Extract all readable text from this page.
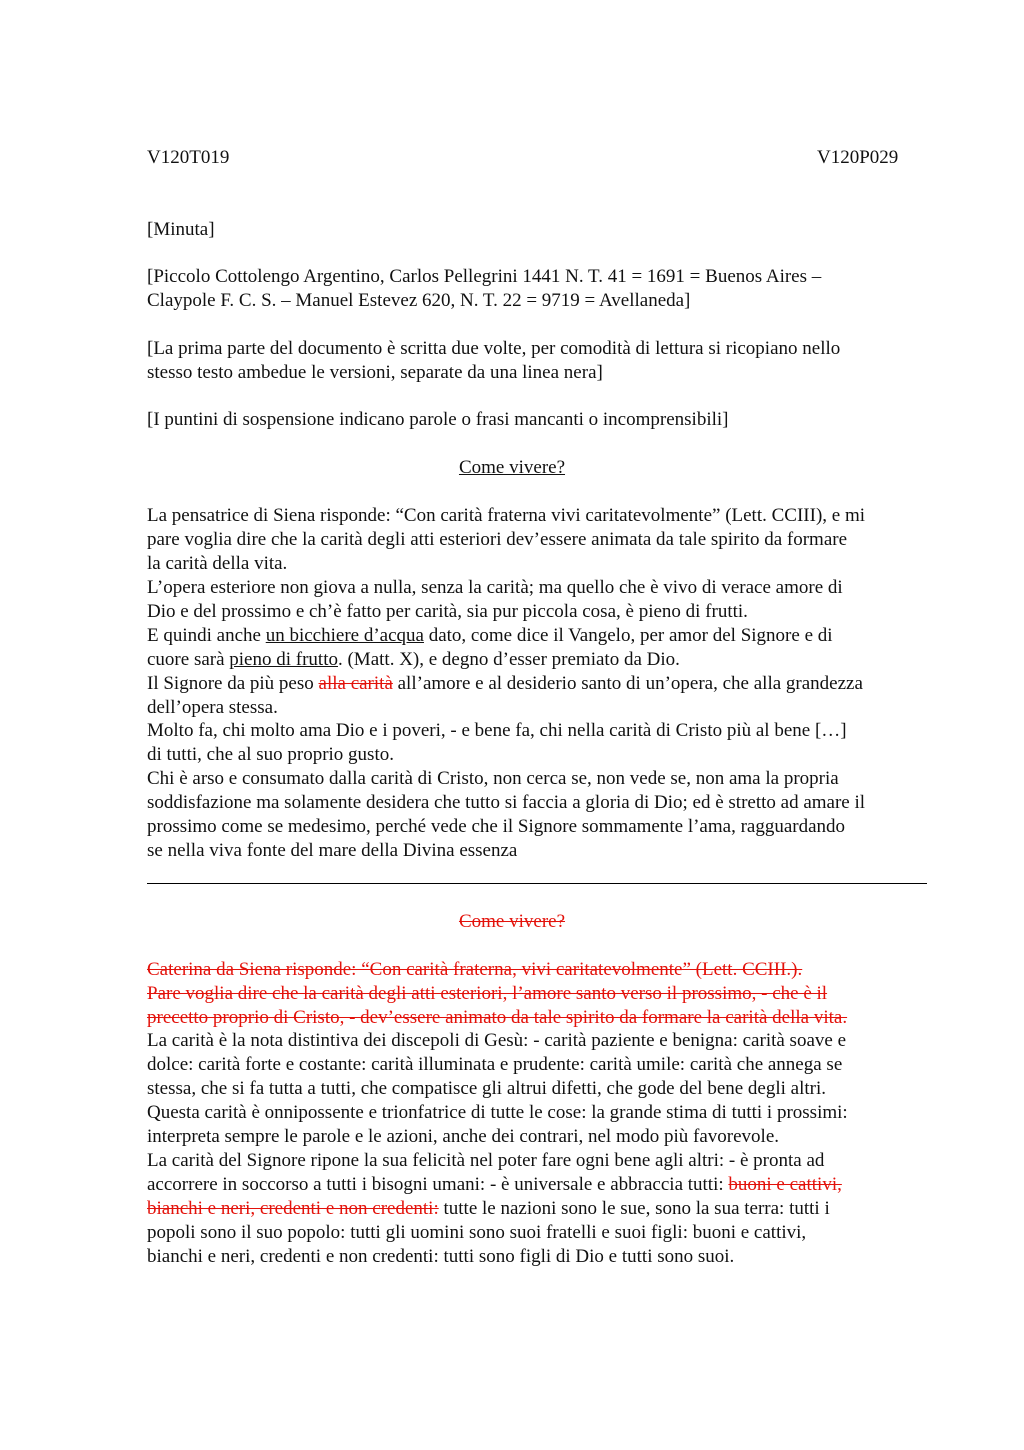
V120T019	V120P029

[Minuta]

[Piccolo Cottolengo Argentino, Carlos Pellegrini 1441 N. T. 41 = 1691 = Buenos Aires –

Claypole F. C. S. – Manuel Estevez 620, N. T. 22 = 9719 = Avellaneda]

[La prima parte del documento è scritta due volte, per comodità di lettura si ricopiano nello

stesso testo ambedue le versioni, separate da una linea nera]

[I puntini di sospensione indicano parole o frasi mancanti o incomprensibili]

Come vivere?

La pensatrice di Siena risponde: “Con carità fraterna vivi caritatevolmente” (Lett. CCIII), e mi

pare voglia dire che la carità degli atti esteriori dev’essere animata da tale spirito da formare

la carità della vita.

L’opera esteriore non giova a nulla, senza la carità; ma quello che è vivo di verace amore di

Dio e del prossimo e ch’è fatto per carità, sia pur piccola cosa, è pieno di frutti.

E quindi anche un bicchiere d’acqua dato, come dice il Vangelo, per amor del Signore e di

cuore sarà pieno di frutto. (Matt. X), e degno d’esser premiato da Dio.

Il Signore da più peso alla carità all’amore e al desiderio santo di un’opera, che alla grandezza

dell’opera stessa.

Molto fa, chi molto ama Dio e i poveri, - e bene fa, chi nella carità di Cristo più al bene […]

di tutti, che al suo proprio gusto.

Chi è arso e consumato dalla carità di Cristo, non cerca se, non vede se, non ama la propria

soddisfazione ma solamente desidera che tutto si faccia a gloria di Dio; ed è stretto ad amare il

prossimo come se medesimo, perché vede che il Signore sommamente l’ama, ragguardando

se nella viva fonte del mare della Divina essenza

Come vivere?

Caterina da Siena risponde: “Con carità fraterna, vivi caritatevolmente” (Lett. CCIII.).

Pare voglia dire che la carità degli atti esteriori, l’amore santo verso il prossimo, - che è il

precetto proprio di Cristo, - dev’essere animato da tale spirito da formare la carità della vita.

La carità è la nota distintiva dei discepoli di Gesù: - carità paziente e benigna: carità soave e

dolce: carità forte e costante: carità illuminata e prudente: carità umile: carità che annega se

stessa, che si fa tutta a tutti, che compatisce gli altrui difetti, che gode del bene degli altri.

Questa carità è onnipossente e trionfatrice di tutte le cose: la grande stima di tutti i prossimi:

interpreta sempre le parole e le azioni, anche dei contrari, nel modo più favorevole.

La carità del Signore ripone la sua felicità nel poter fare ogni bene agli altri: - è pronta ad

accorrere in soccorso a tutti i bisogni umani: - è universale e abbraccia tutti: buoni e cattivi,

bianchi e neri, credenti e non credenti: tutte le nazioni sono le sue, sono la sua terra: tutti i

popoli sono il suo popolo: tutti gli uomini sono suoi fratelli e suoi figli: buoni e cattivi,

bianchi e neri, credenti e non credenti: tutti sono figli di Dio e tutti sono suoi.
